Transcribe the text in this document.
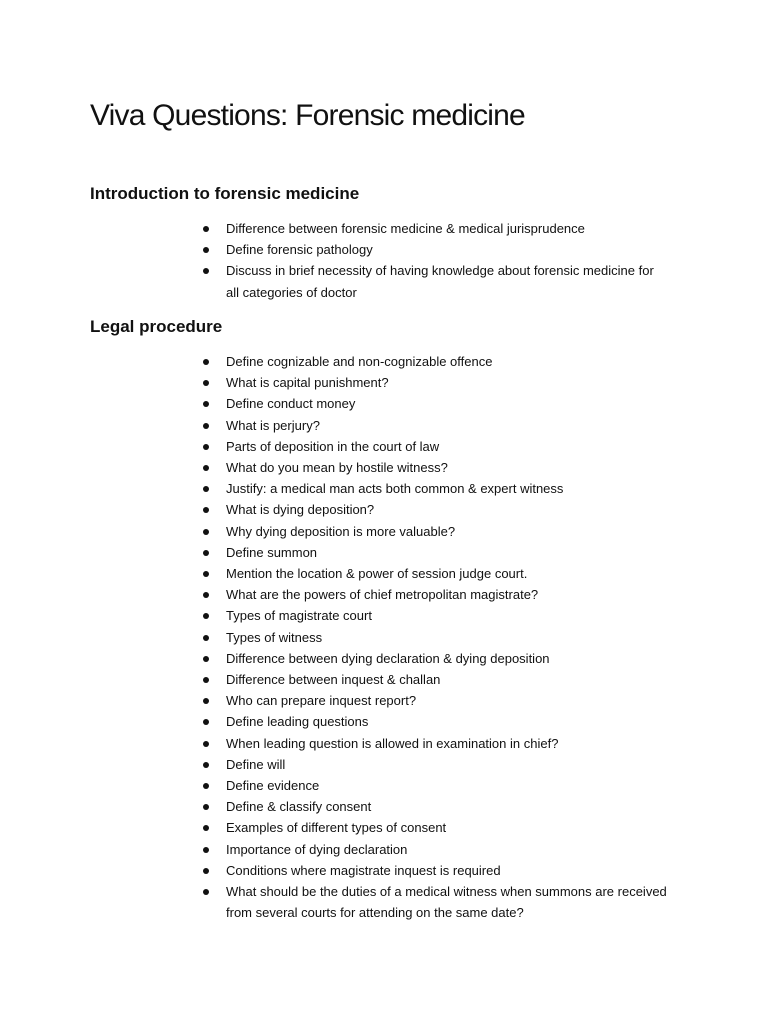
Viva Questions: Forensic medicine
Introduction to forensic medicine
Difference between forensic medicine & medical jurisprudence
Define forensic pathology
Discuss in brief necessity of having knowledge about forensic medicine for all categories of doctor
Legal procedure
Define cognizable and non-cognizable offence
What is capital punishment?
Define conduct money
What is perjury?
Parts of deposition in the court of law
What do you mean by hostile witness?
Justify: a medical man acts both common & expert witness
What is dying deposition?
Why dying deposition is more valuable?
Define summon
Mention the location & power of session judge court.
What are the powers of chief metropolitan magistrate?
Types of magistrate court
Types of witness
Difference between dying declaration & dying deposition
Difference between inquest & challan
Who can prepare inquest report?
Define leading questions
When leading question is allowed in examination in chief?
Define will
Define evidence
Define & classify consent
Examples of different types of consent
Importance of dying declaration
Conditions where magistrate inquest is required
What should be the duties of a medical witness when summons are received from several courts for attending on the same date?
